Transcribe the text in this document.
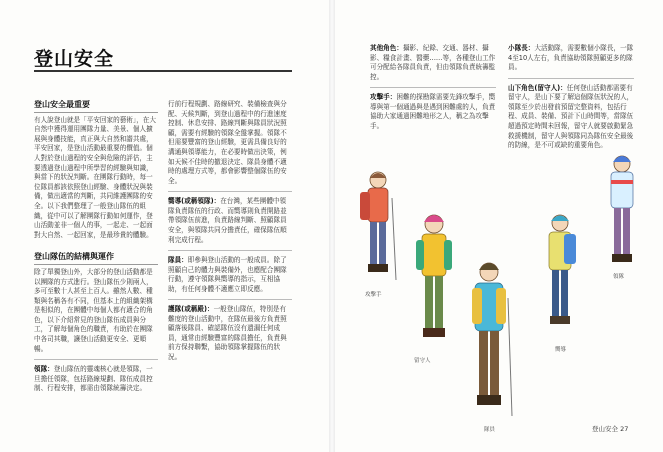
登山安全
登山安全最重要

有人說登山就是「平安回家的藝術」，在大自然中獲得運用團隊力量、美景、個人擴展與身體技能，真正與大自然和諧共處，平安回家，是登山活動最重要的價值。個人對於登山過程的安全與危險的評估，主要透過登山過程中所學習的經驗與知識，與當下的狀況判斷。在團隊行動時，每一位隊員都該依照登山經驗、身體狀況與裝備，做出適當的判斷，共同維護團隊的安全。以下我們整理了一般登山隊伍的組織，從中可以了解團隊行動如何運作，登山活動並非一個人的事，一起走、一起面對大自然、一起回家，是最珍貴的體驗。

登山隊伍的結構與運作

除了單獨登山外，大部分的登山活動都是以團隊的方式進行。登山隊伍少則兩人，多可至數十人甚至上百人。雖然人數、種類與名稱各有不同，但基本上的組織架構是相似的，在團體中每個人都有適合的角色，以下介紹常見的登山隊伍成員與分工，了解每個角色的職責，有助於在團隊中各司其職，讓登山活動更安全、更順暢。

領隊：登山隊伍的靈魂核心就是領隊，一旦擔任領隊，包括路線規劃、隊伍成員控制、行程安排，都需由領隊統籌決定。

行前行程規劃、路線研究、裝備檢查與分配、天候判斷，到登山過程中的行進速度控制、休息安排、路線判斷與隊員狀況照顧，需要有經驗的領隊全盤掌握。領隊不但需要豐富的登山經驗，更需具備良好的溝通與領導能力，在必要時做出決策，例如天候不佳時的撤退決定、隊員身體不適時的處理方式等，都會影響整個隊伍的安全。

嚮導(或稱領隊)：在台灣，某些團體中領隊負責隊伍的行政、而嚮導則負責開路並帶領隊伍前進，負責路線判斷、照顧隊員安全，與領隊共同分擔責任，確保隊伍順利完成行程。

隊員：即參與登山活動的一般成員。除了照顧自己的體力與裝備外，也應配合團隊行動，遵守領隊與嚮導的指示，互相協助，有任何身體不適應立即反應。

護隊(或稱殿)：一般登山隊伍，特別是有難度的登山活動中，在隊伍最後方負責照顧落後隊員、確認隊伍沒有遺漏任何成員，通常由經驗豐富的隊員擔任，負責與前方保持聯繫，協助領隊掌握隊伍的狀況。

其他角色：攝影、紀錄、交通、器材、攝影、糧食計畫、醫藥……等，各種登山工作可分配給各隊員負責，但由領隊負責統籌監控。

攻擊手：困難的探勘隊需要先鋒攻擊手，嚮導與第一個通過與是遇到困難處的人，負責協助大家通過困難地形之人，稱之為攻擊手。

小隊長：大活動隊，需要數個小隊長，一隊4至10人左右，負責協助領隊照顧更多的隊員。

山下角色(留守人)：任何登山活動都需要有留守人，是山下要了解這個隊伍狀況的人，領隊至少於出發前預留完整資料，包括行程、成員、裝備、預計下山時間等，當隊伍超過預定時間未回報，留守人就要啟動緊急救援機制，留守人與領隊同為隊伍安全最後的防線，是不可或缺的重要角色。

攻擊手
留守人
領隊
嚮導
隊員	登山安全 27
